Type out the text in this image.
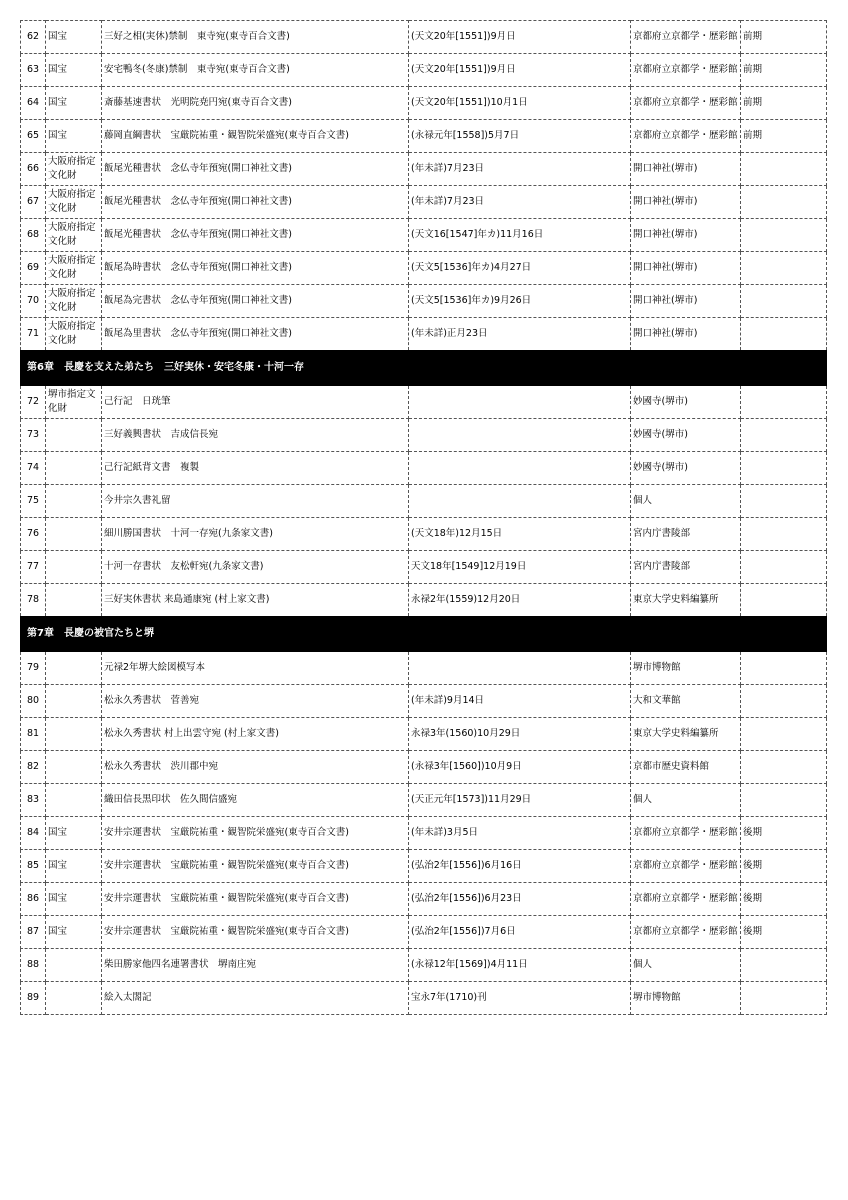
62	国宝	三好之相(実休)禁制　東寺宛(東寺百合文書)	(天文20年[1551])9月日	京都府立京都学・歴彩館	前期
63	国宝	安宅鴨冬(冬康)禁制　東寺宛(東寺百合文書)	(天文20年[1551])9月日	京都府立京都学・歴彩館	前期
64	国宝	斎藤基速書状　光明院尭円宛(東寺百合文書)	(天文20年[1551])10月1日	京都府立京都学・歴彩館	前期
65	国宝	藤岡直綱書状　宝厳院祐重・観智院栄盛宛(東寺百合文書)	(永禄元年[1558])5月7日	京都府立京都学・歴彩館	前期
66	大阪府指定文化財	飯尾光種書状　念仏寺年預宛(開口神社文書)	(年未詳)7月23日	開口神社(堺市)	
67	大阪府指定文化財	飯尾光種書状　念仏寺年預宛(開口神社文書)	(年未詳)7月23日	開口神社(堺市)	
68	大阪府指定文化財	飯尾光種書状　念仏寺年預宛(開口神社文書)	(天文16[1547]年カ)11月16日	開口神社(堺市)	
69	大阪府指定文化財	飯尾為時書状　念仏寺年預宛(開口神社文書)	(天文5[1536]年カ)4月27日	開口神社(堺市)	
70	大阪府指定文化財	飯尾為完書状　念仏寺年預宛(開口神社文書)	(天文5[1536]年カ)9月26日	開口神社(堺市)	
71	大阪府指定文化財	飯尾為里書状　念仏寺年預宛(開口神社文書)	(年未詳)正月23日	開口神社(堺市)	
第6章　長慶を支えた弟たち　三好実休・安宅冬康・十河一存					
72	堺市指定文化財	己行記　日珖筆		妙國寺(堺市)	
73		三好義興書状　吉成信長宛		妙國寺(堺市)	
74		己行記紙背文書　複製		妙國寺(堺市)	
75		今井宗久書礼留		個人	
76		細川勝国書状　十河一存宛(九条家文書)	(天文18年)12月15日	宮内庁書陵部	
77		十河一存書状　友松軒宛(九条家文書)	天文18年[1549]12月19日	宮内庁書陵部	
78		三好実休書状 来島通康宛 (村上家文書)	永禄2年(1559)12月20日	東京大学史料編纂所	
第7章　長慶の被官たちと堺					
79		元禄2年堺大絵図模写本		堺市博物館	
80		松永久秀書状　菅善宛	(年未詳)9月14日	大和文華館	
81		松永久秀書状 村上出雲守宛 (村上家文書)	永禄3年(1560)10月29日	東京大学史料編纂所	
82		松永久秀書状　渋川郡中宛	(永禄3年[1560])10月9日	京都市歴史資料館	
83		織田信長黒印状　佐久間信盛宛	(天正元年[1573])11月29日	個人	
84	国宝	安井宗運書状　宝厳院祐重・観智院栄盛宛(東寺百合文書)	(年未詳)3月5日	京都府立京都学・歴彩館	後期
85	国宝	安井宗運書状　宝厳院祐重・観智院栄盛宛(東寺百合文書)	(弘治2年[1556])6月16日	京都府立京都学・歴彩館	後期
86	国宝	安井宗運書状　宝厳院祐重・観智院栄盛宛(東寺百合文書)	(弘治2年[1556])6月23日	京都府立京都学・歴彩館	後期
87	国宝	安井宗運書状　宝厳院祐重・観智院栄盛宛(東寺百合文書)	(弘治2年[1556])7月6日	京都府立京都学・歴彩館	後期
88		柴田勝家他四名連署書状　堺南庄宛	(永禄12年[1569])4月11日	個人	
89		絵入太閤記	宝永7年(1710)刊	堺市博物館	
